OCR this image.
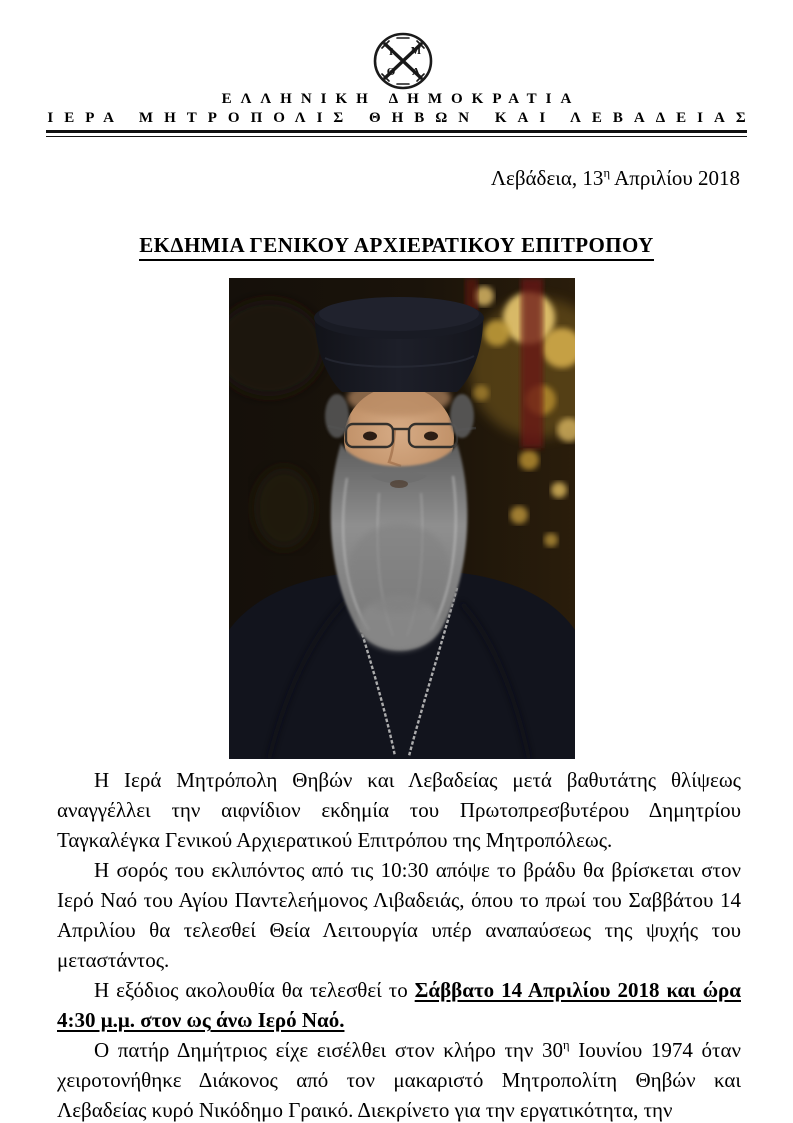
Ι Μ
Θ Λ
ΕΛΛΗΝΙΚΗ ΔΗΜΟΚΡΑΤΙΑ
ΙΕΡΑ ΜΗΤΡΟΠΟΛΙΣ ΘΗΒΩΝ ΚΑΙ ΛΕΒΑΔΕΙΑΣ
Λεβάδεια, $13^\eta$ Απριλίου 2018
ΕΚΔΗΜΙΑ ΓΕΝΙΚΟΥ ΑΡΧΙΕΡΑΤΙΚΟΥ ΕΠΙΤΡΟΠΟΥ

Η Ιερά Μητρόπολη Θηβών και Λεβαδείας μετά βαθυτάτης θλίψεως αναγγέλλει την αιφνίδιον εκδημία του Πρωτοπρεσβυτέρου Δημητρίου Ταγκαλέγκα Γενικού Αρχιερατικού Επιτρόπου της Μητροπόλεως.

Η σορός του εκλιπόντος από τις 10:30 απόψε το βράδυ θα βρίσκεται στον Ιερό Ναό του Αγίου Παντελεήμονος Λιβαδειάς, όπου το πρωί του Σαββάτου 14 Απριλίου θα τελεσθεί Θεία Λειτουργία υπέρ αναπαύσεως της ψυχής του μεταστάντος.

Η εξόδιος ακολουθία θα τελεσθεί το Σάββατο 14 Απριλίου 2018 και ώρα 4:30 μ.μ. στον ως άνω Ιερό Ναό.

Ο πατήρ Δημήτριος είχε εισέλθει στον κλήρο την $30^\eta$ Ιουνίου 1974 όταν χειροτονήθηκε Διάκονος από τον μακαριστό Μητροπολίτη Θηβών και Λεβαδείας κυρό Νικόδημο Γραικό. Διεκρίνετο για την εργατικότητα, την
